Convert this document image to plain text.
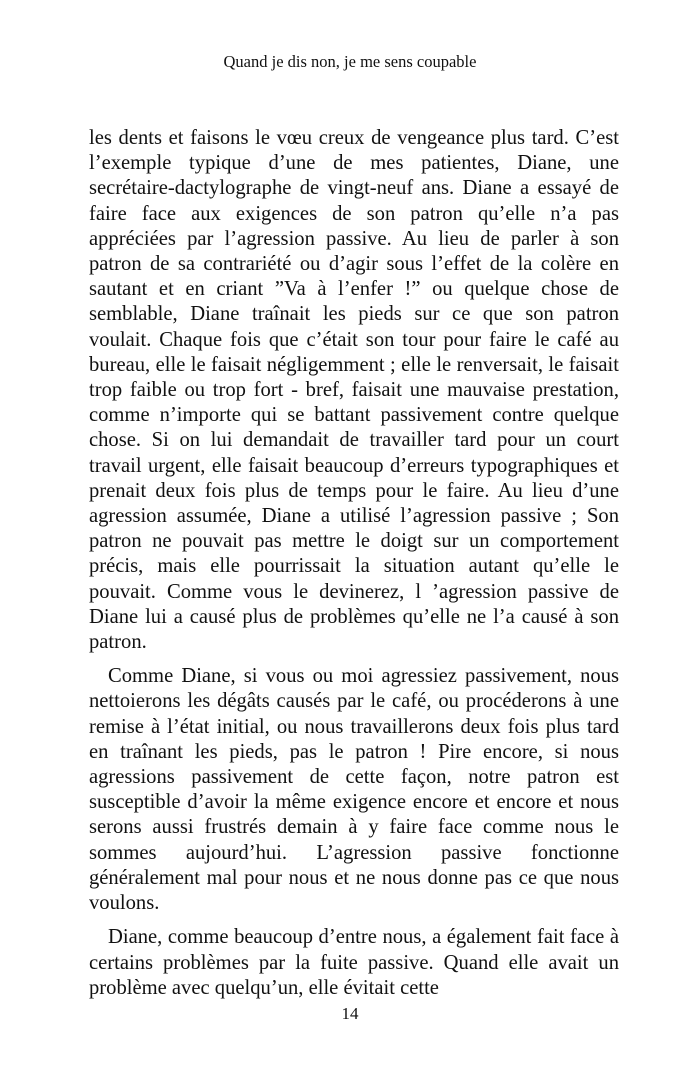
Quand je dis non, je me sens coupable

les dents et faisons le vœu creux de vengeance plus tard. C’est l’exemple typique d’une de mes patientes, Diane, une secrétaire-dactylographe de vingt-neuf ans. Diane a essayé de faire face aux exigences de son patron qu’elle n’a pas appréciées par l’agression passive. Au lieu de parler à son patron de sa contrariété ou d’agir sous l’effet de la colère en sautant et en criant ”Va à l’enfer !” ou quelque chose de semblable, Diane traînait les pieds sur ce que son patron voulait. Chaque fois que c’était son tour pour faire le café au bureau, elle le faisait négligemment ; elle le renversait, le faisait trop faible ou trop fort - bref, faisait une mauvaise prestation, comme n’importe qui se battant passivement contre quelque chose. Si on lui demandait de travailler tard pour un court travail urgent, elle faisait beaucoup d’erreurs typographiques et prenait deux fois plus de temps pour le faire. Au lieu d’une agression assumée, Diane a utilisé l’agression passive ; Son patron ne pouvait pas mettre le doigt sur un comportement précis, mais elle pourrissait la situation autant qu’elle le pouvait. Comme vous le devinerez, l ’agression passive de Diane lui a causé plus de problèmes qu’elle ne l’a causé à son patron.

Comme Diane, si vous ou moi agressiez passivement, nous nettoierons les dégâts causés par le café, ou procéderons à une remise à l’état initial, ou nous travaillerons deux fois plus tard en traînant les pieds, pas le patron ! Pire encore, si nous agressions passivement de cette façon, notre patron est susceptible d’avoir la même exigence encore et encore et nous serons aussi frustrés demain à y faire face comme nous le sommes aujourd’hui. L’agression passive fonctionne généralement mal pour nous et ne nous donne pas ce que nous voulons.

Diane, comme beaucoup d’entre nous, a également fait face à certains problèmes par la fuite passive. Quand elle avait un problème avec quelqu’un, elle évitait cette

14
